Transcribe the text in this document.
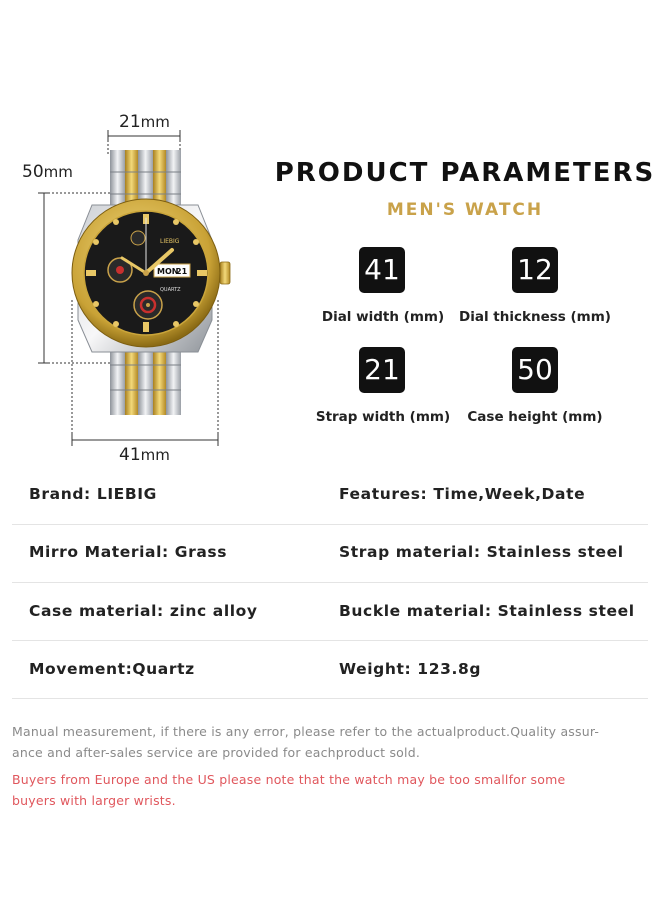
21mm
50mm
41mm
MON
21
LIEBIG
QUARTZ
PRODUCT PARAMETERS
MEN'S WATCH
41
Dial width (mm)
12
Dial thickness (mm)
21
Strap width (mm)
50
Case height (mm)
Brand: LIEBIG	Features: Time,Week,Date
Mirro Material: Grass	Strap material: Stainless steel
Case material: zinc alloy	Buckle material: Stainless steel
Movement:Quartz	Weight: 123.8g
Manual measurement, if there is any error, please refer to the actualproduct.Quality assur-
ance and after-sales service are provided for eachproduct sold.
Buyers from Europe and the US please note that the watch may be too smallfor some
buyers with larger wrists.
